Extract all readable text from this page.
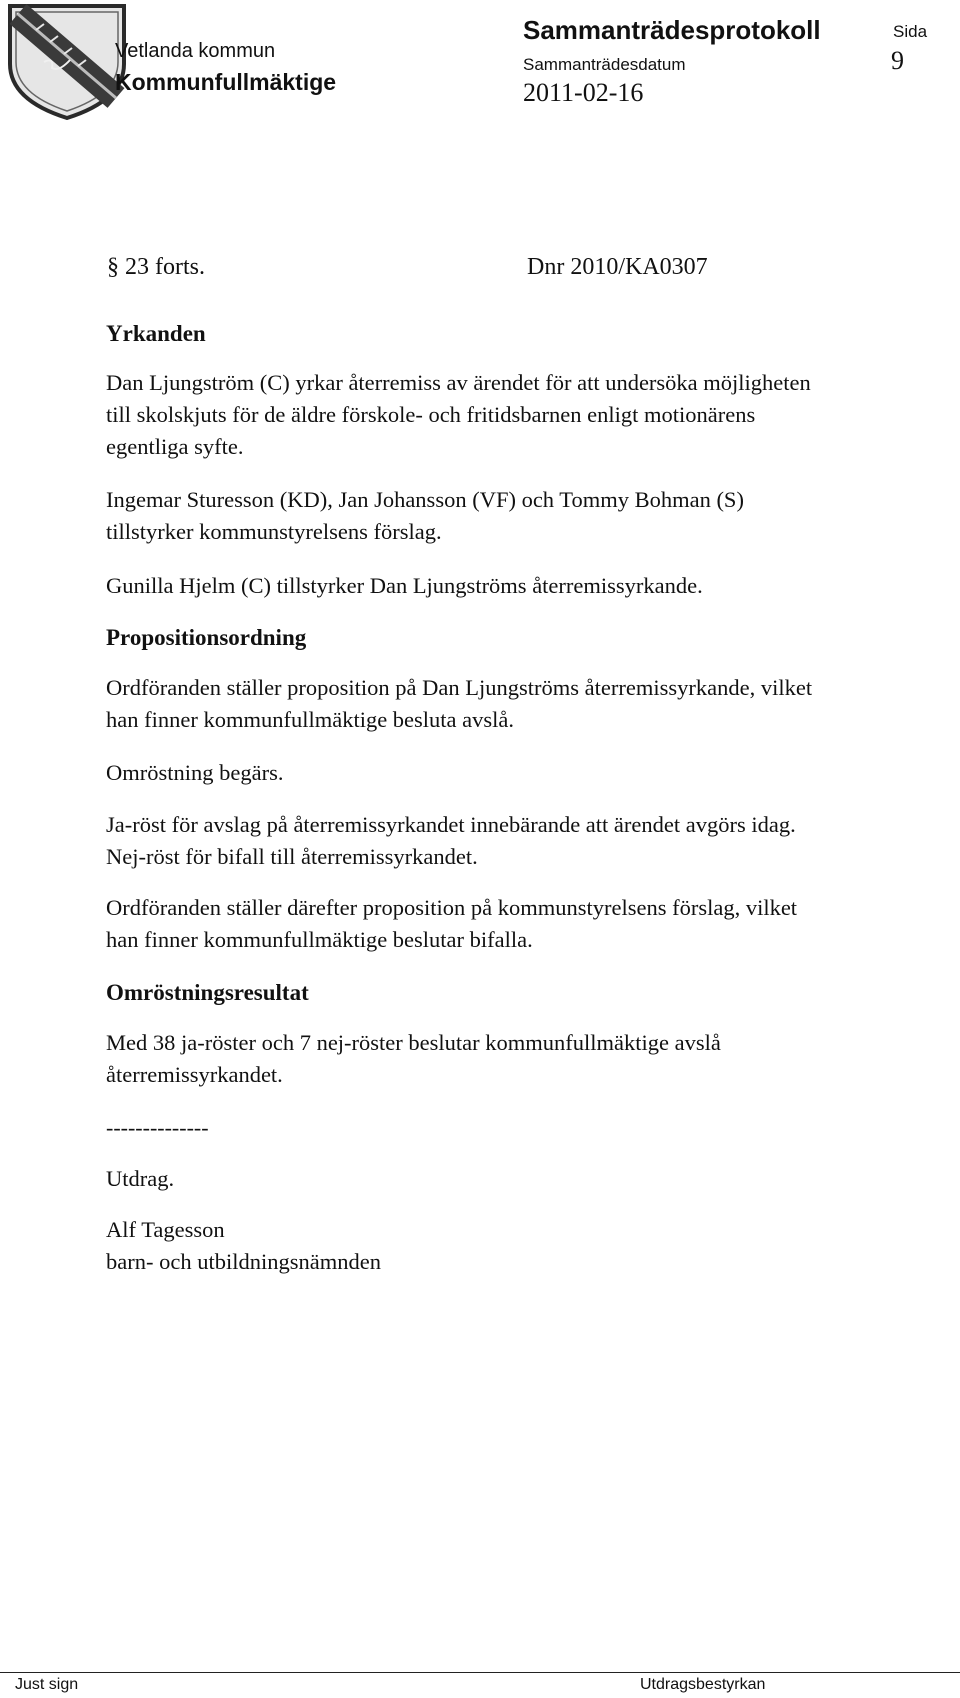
Vetlanda kommun
Kommunfullmäktige
Sammanträdesprotokoll	Sida
9
Sammanträdesdatum
2011-02-16
§ 23 forts.	Dnr 2010/KA0307
Yrkanden
Dan Ljungström (C) yrkar återremiss av ärendet för att undersöka möjligheten
till skolskjuts för de äldre förskole- och fritidsbarnen enligt motionärens
egentliga syfte.
Ingemar Sturesson (KD), Jan Johansson (VF) och Tommy Bohman (S)
tillstyrker kommunstyrelsens förslag.
Gunilla Hjelm (C) tillstyrker Dan Ljungströms återremissyrkande.
Propositionsordning
Ordföranden ställer proposition på Dan Ljungströms återremissyrkande, vilket
han finner kommunfullmäktige besluta avslå.
Omröstning begärs.
Ja-röst för avslag på återremissyrkandet innebärande att ärendet avgörs idag.
Nej-röst för bifall till återremissyrkandet.
Ordföranden ställer därefter proposition på kommunstyrelsens förslag, vilket
han finner kommunfullmäktige beslutar bifalla.
Omröstningsresultat
Med 38 ja-röster och 7 nej-röster beslutar kommunfullmäktige avslå
återremissyrkandet.
--------------
Utdrag.
Alf Tagesson
barn- och utbildningsnämnden
Just sign	Utdragsbestyrkan
